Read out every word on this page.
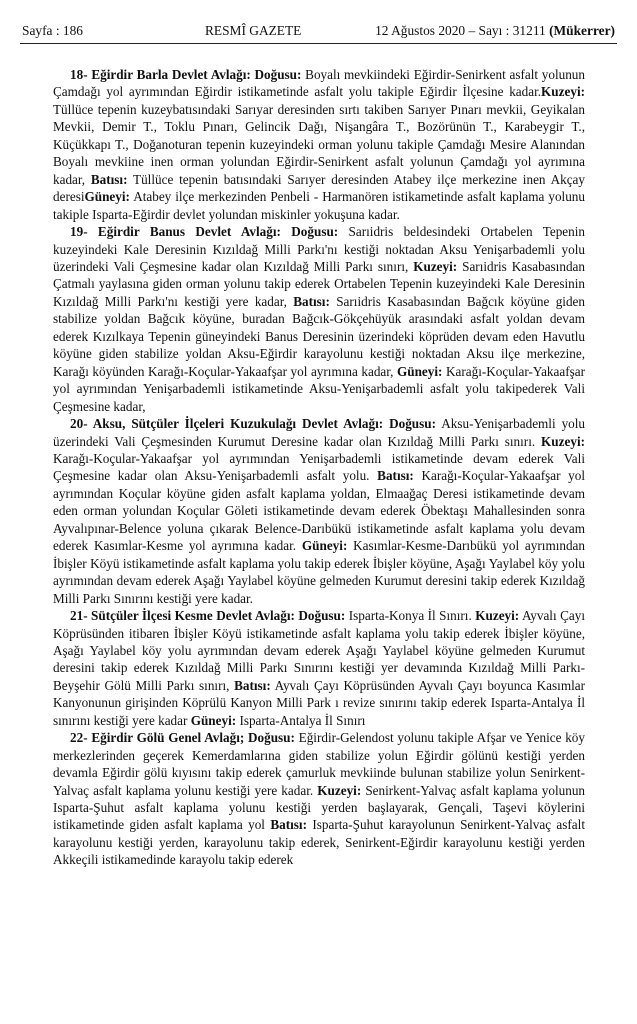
Sayfa : 186	RESMÎ GAZETE	12 Ağustos 2020 – Sayı : 31211 (Mükerrer)

18- Eğirdir Barla Devlet Avlağı: Doğusu: Boyalı mevkiindeki Eğirdir-Senirkent asfalt yolunun Çamdağı yol ayrımından Eğirdir istikametinde asfalt yolu takiple Eğirdir İlçesine kadar.Kuzeyi: Tüllüce tepenin kuzeybatısındaki Sarıyar deresinden sırtı takiben Sarıyer Pınarı mevkii, Geyikalan Mevkii, Demir T., Toklu Pınarı, Gelincik Dağı, Nişangâra T., Bozörünün T., Karabeygir T., Küçükkapı T., Doğanoturan tepenin kuzeyindeki orman yolunu takiple Çamdağı Mesire Alanından Boyalı mevkiine inen orman yolundan Eğirdir-Senirkent asfalt yolunun Çamdağı yol ayrımına kadar, Batısı: Tüllüce tepenin batısındaki Sarıyer deresinden Atabey ilçe merkezine inen Akçay deresiGüneyi: Atabey ilçe merkezinden Penbeli - Harmanören istikametinde asfalt kaplama yolunu takiple Isparta-Eğirdir devlet yolundan miskinler yokuşuna kadar.

19- Eğirdir Banus Devlet Avlağı: Doğusu: Sarıidris beldesindeki Ortabelen Tepenin kuzeyindeki Kale Deresinin Kızıldağ Milli Parkı'nı kestiği noktadan Aksu Yenişarbademli yolu üzerindeki Vali Çeşmesine kadar olan Kızıldağ Milli Parkı sınırı, Kuzeyi: Sarıidris Kasabasından Çatmalı yaylasına giden orman yolunu takip ederek Ortabelen Tepenin kuzeyindeki Kale Deresinin Kızıldağ Milli Parkı'nı kestiği yere kadar, Batısı: Sarıidris Kasabasından Bağcık köyüne giden stabilize yoldan Bağcık köyüne, buradan Bağcık-Gökçehüyük arasındaki asfalt yoldan devam ederek Kızılkaya Tepenin güneyindeki Banus Deresinin üzerindeki köprüden devam eden Havutlu köyüne giden stabilize yoldan Aksu-Eğirdir karayolunu kestiği noktadan Aksu ilçe merkezine, Karağı köyünden Karağı-Koçular-Yakaafşar yol ayrımına kadar, Güneyi: Karağı-Koçular-Yakaafşar yol ayrımından Yenişarbademli istikametinde Aksu-Yenişarbademli asfalt yolu takipederek Vali Çeşmesine kadar,

20- Aksu, Sütçüler İlçeleri Kuzukulağı Devlet Avlağı: Doğusu: Aksu-Yenişarbademli yolu üzerindeki Vali Çeşmesinden Kurumut Deresine kadar olan Kızıldağ Milli Parkı sınırı. Kuzeyi: Karağı-Koçular-Yakaafşar yol ayrımından Yenişarbademli istikametinde devam ederek Vali Çeşmesine kadar olan Aksu-Yenişarbademli asfalt yolu. Batısı: Karağı-Koçular-Yakaafşar yol ayrımından Koçular köyüne giden asfalt kaplama yoldan, Elmaağaç Deresi istikametinde devam eden orman yolundan Koçular Göleti istikametinde devam ederek Öbektaşı Mahallesinden sonra Ayvalıpınar-Belence yoluna çıkarak Belence-Darıbükü istikametinde asfalt kaplama yolu devam ederek Kasımlar-Kesme yol ayrımına kadar. Güneyi: Kasımlar-Kesme-Darıbükü yol ayrımından İbişler Köyü istikametinde asfalt kaplama yolu takip ederek İbişler köyüne, Aşağı Yaylabel köy yolu ayrımından devam ederek Aşağı Yaylabel köyüne gelmeden Kurumut deresini takip ederek Kızıldağ Milli Parkı Sınırını kestiği yere kadar.

21- Sütçüler İlçesi Kesme Devlet Avlağı: Doğusu: Isparta-Konya İl Sınırı. Kuzeyi: Ayvalı Çayı Köprüsünden itibaren İbişler Köyü istikametinde asfalt kaplama yolu takip ederek İbişler köyüne, Aşağı Yaylabel köy yolu ayrımından devam ederek Aşağı Yaylabel köyüne gelmeden Kurumut deresini takip ederek Kızıldağ Milli Parkı Sınırını kestiği yer devamında Kızıldağ Milli Parkı-Beyşehir Gölü Milli Parkı sınırı, Batısı: Ayvalı Çayı Köprüsünden Ayvalı Çayı boyunca Kasımlar Kanyonunun girişinden Köprülü Kanyon Milli Park ı revize sınırını takip ederek Isparta-Antalya İl sınırını kestiği yere kadar Güneyi: Isparta-Antalya İl Sınırı

22- Eğirdir Gölü Genel Avlağı; Doğusu: Eğirdir-Gelendost yolunu takiple Afşar ve Yenice köy merkezlerinden geçerek Kemerdamlarına giden stabilize yolun Eğirdir gölünü kestiği yerden devamla Eğirdir gölü kıyısını takip ederek çamurluk mevkiinde bulunan stabilize yolun Senirkent-Yalvaç asfalt kaplama yolunu kestiği yere kadar. Kuzeyi: Senirkent-Yalvaç asfalt kaplama yolunun Isparta-Şuhut asfalt kaplama yolunu kestiği yerden başlayarak, Gençali, Taşevi köylerini istikametinde giden asfalt kaplama yol Batısı: Isparta-Şuhut karayolunun Senirkent-Yalvaç asfalt karayolunu kestiği yerden, karayolunu takip ederek, Senirkent-Eğirdir karayolunu kestiği yerden Akkeçili istikamedinde karayolu takip ederek
